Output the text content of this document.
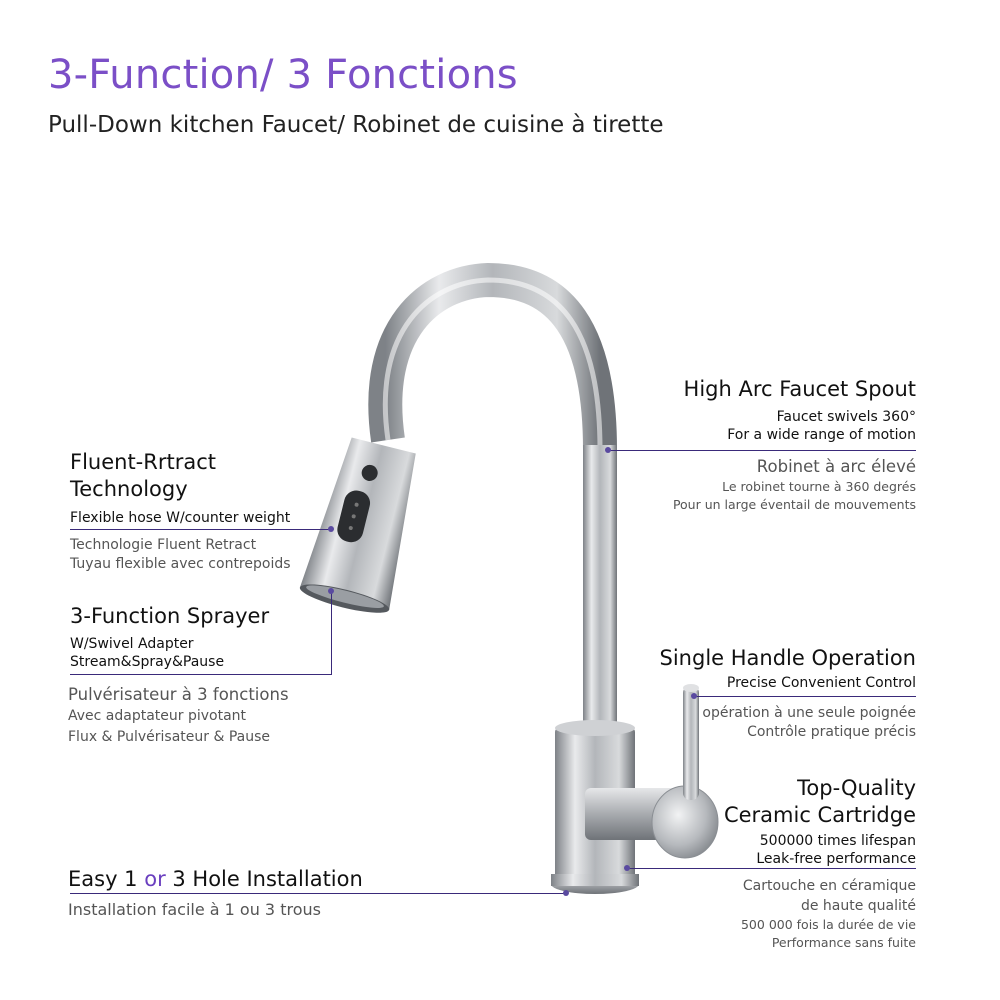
3-Function/ 3 Fonctions
Pull-Down kitchen Faucet/ Robinet de cuisine à tirette
High Arc Faucet Spout
Faucet swivels 360°
For a wide range of motion
Robinet à arc élevé
Le robinet tourne à 360 degrés
Pour un large éventail de mouvements
Fluent-Rrtract
Technology
Flexible hose W/counter weight
Technologie Fluent Retract
Tuyau flexible avec contrepoids
3-Function Sprayer
W/Swivel Adapter
Stream&Spray&Pause
Pulvérisateur à 3 fonctions
Avec adaptateur pivotant
Flux & Pulvérisateur & Pause
Single Handle Operation
Precise Convenient Control
opération à une seule poignée
Contrôle pratique précis
Top-Quality
Ceramic Cartridge
500000 times lifespan
Leak-free performance
Cartouche en céramique
de haute qualité
500 000 fois la durée de vie
Performance sans fuite
Easy 1 or 3 Hole Installation
Installation facile à 1 ou 3 trous
